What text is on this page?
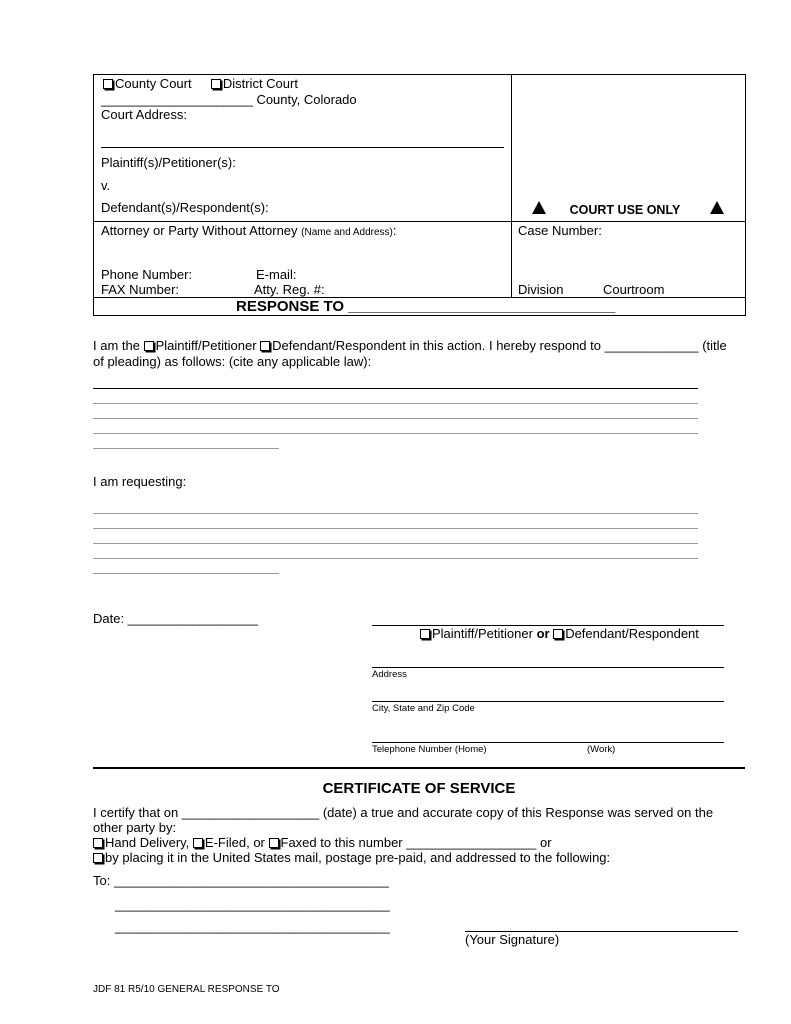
County Court District Court
_____________________ County, Colorado
Court Address:
Plaintiff(s)/Petitioner(s):
v.
Defendant(s)/Respondent(s):	COURT USE ONLY
Attorney or Party Without Attorney (Name and Address):
Phone Number:	E-mail:
FAX Number:	Atty. Reg. #:
Case Number:
Division	Courtroom
RESPONSE TO ________________________________
I am the Plaintiff/Petitioner Defendant/Respondent in this action. I hereby respond to _____________ (title
of pleading) as follows: (cite any applicable law):
I am requesting:
Date: __________________
Plaintiff/Petitioner or Defendant/Respondent
Address
City, State and Zip Code
Telephone Number (Home)	(Work)
CERTIFICATE OF SERVICE
I certify that on ___________________ (date) a true and accurate copy of this Response was served on the
other party by:
Hand Delivery, E-Filed, or Faxed to this number __________________ or
by placing it in the United States mail, postage pre-paid, and addressed to the following:
To: ______________________________________
______________________________________
______________________________________
(Your Signature)
JDF 81 R5/10 GENERAL RESPONSE TO
